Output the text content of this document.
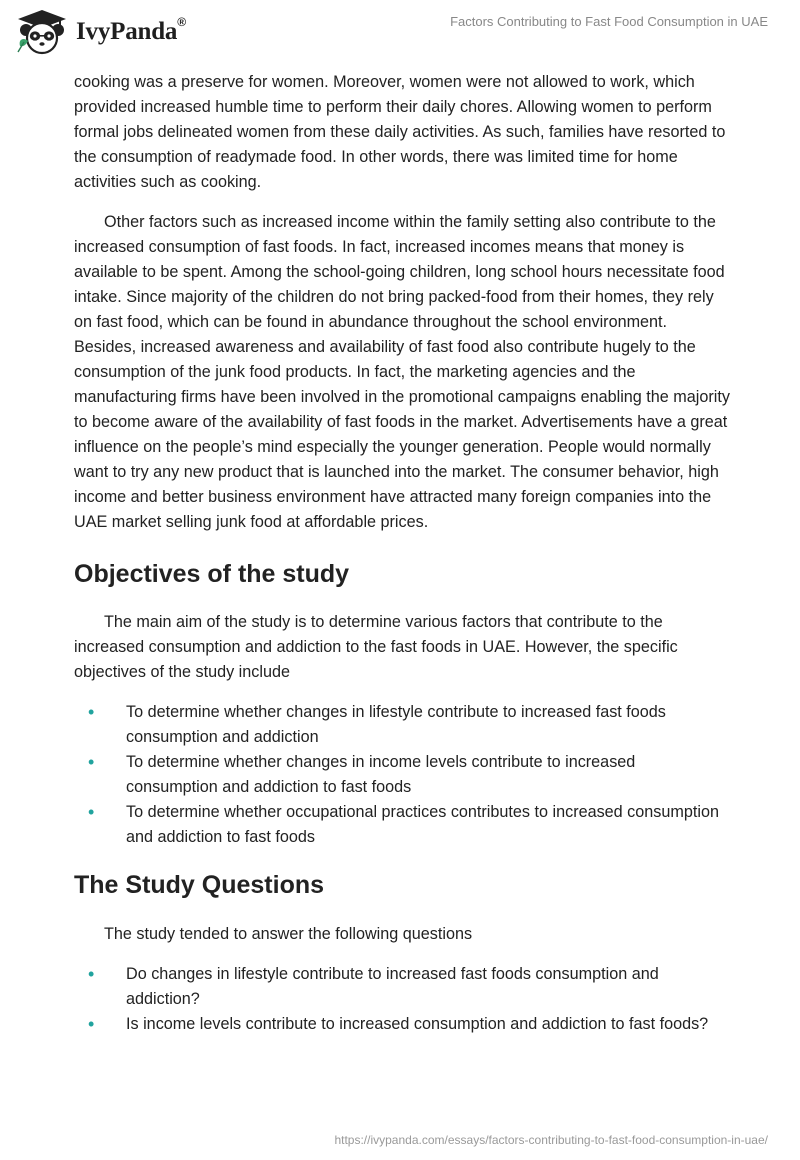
IvyPanda®	Factors Contributing to Fast Food Consumption in UAE

cooking was a preserve for women. Moreover, women were not allowed to work, which provided increased humble time to perform their daily chores. Allowing women to perform formal jobs delineated women from these daily activities. As such, families have resorted to the consumption of readymade food. In other words, there was limited time for home activities such as cooking.

Other factors such as increased income within the family setting also contribute to the increased consumption of fast foods. In fact, increased incomes means that money is available to be spent. Among the school-going children, long school hours necessitate food intake. Since majority of the children do not bring packed-food from their homes, they rely on fast food, which can be found in abundance throughout the school environment. Besides, increased awareness and availability of fast food also contribute hugely to the consumption of the junk food products. In fact, the marketing agencies and the manufacturing firms have been involved in the promotional campaigns enabling the majority to become aware of the availability of fast foods in the market. Advertisements have a great influence on the people’s mind especially the younger generation. People would normally want to try any new product that is launched into the market. The consumer behavior, high income and better business environment have attracted many foreign companies into the UAE market selling junk food at affordable prices.

Objectives of the study

The main aim of the study is to determine various factors that contribute to the increased consumption and addiction to the fast foods in UAE. However, the specific objectives of the study include

• To determine whether changes in lifestyle contribute to increased fast foods consumption and addiction
• To determine whether changes in income levels contribute to increased consumption and addiction to fast foods
• To determine whether occupational practices contributes to increased consumption and addiction to fast foods
The Study Questions

The study tended to answer the following questions

• Do changes in lifestyle contribute to increased fast foods consumption and addiction?
• Is income levels contribute to increased consumption and addiction to fast foods?
https://ivypanda.com/essays/factors-contributing-to-fast-food-consumption-in-uae/
